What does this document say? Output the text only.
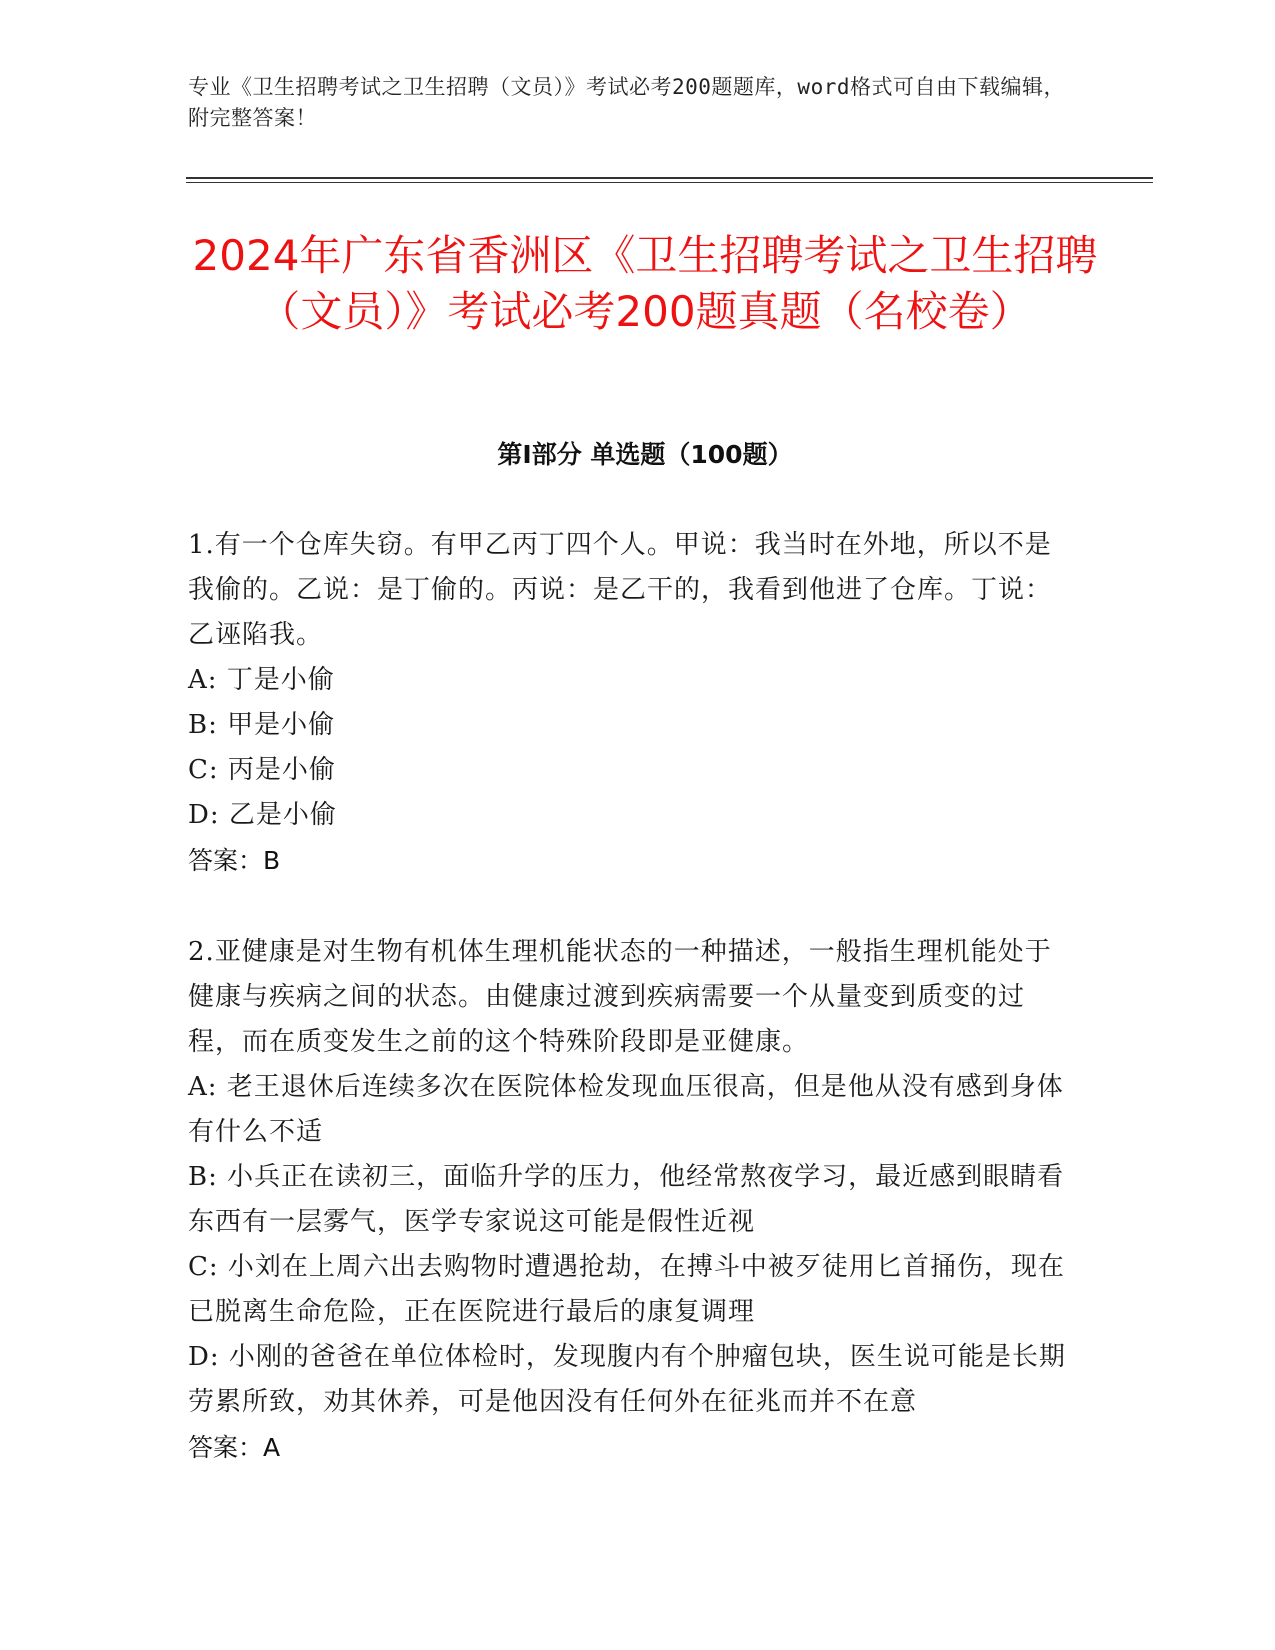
专业《卫生招聘考试之卫生招聘（文员）》考试必考200题题库，word格式可自由下载编辑，附完整答案！
2024年广东省香洲区《卫生招聘考试之卫生招聘（文员）》考试必考200题真题（名校卷）
第I部分 单选题（100题）

1.有一个仓库失窃。有甲乙丙丁四个人。甲说：我当时在外地，所以不是我偷的。乙说：是丁偷的。丙说：是乙干的，我看到他进了仓库。丁说：乙诬陷我。

A: 丁是小偷

B: 甲是小偷

C: 丙是小偷

D: 乙是小偷

答案：B

2.亚健康是对生物有机体生理机能状态的一种描述，一般指生理机能处于健康与疾病之间的状态。由健康过渡到疾病需要一个从量变到质变的过程，而在质变发生之前的这个特殊阶段即是亚健康。

A: 老王退休后连续多次在医院体检发现血压很高，但是他从没有感到身体有什么不适

B: 小兵正在读初三，面临升学的压力，他经常熬夜学习，最近感到眼睛看东西有一层雾气，医学专家说这可能是假性近视

C: 小刘在上周六出去购物时遭遇抢劫，在搏斗中被歹徒用匕首捅伤，现在已脱离生命危险，正在医院进行最后的康复调理

D: 小刚的爸爸在单位体检时，发现腹内有个肿瘤包块，医生说可能是长期劳累所致，劝其休养，可是他因没有任何外在征兆而并不在意

答案：A
